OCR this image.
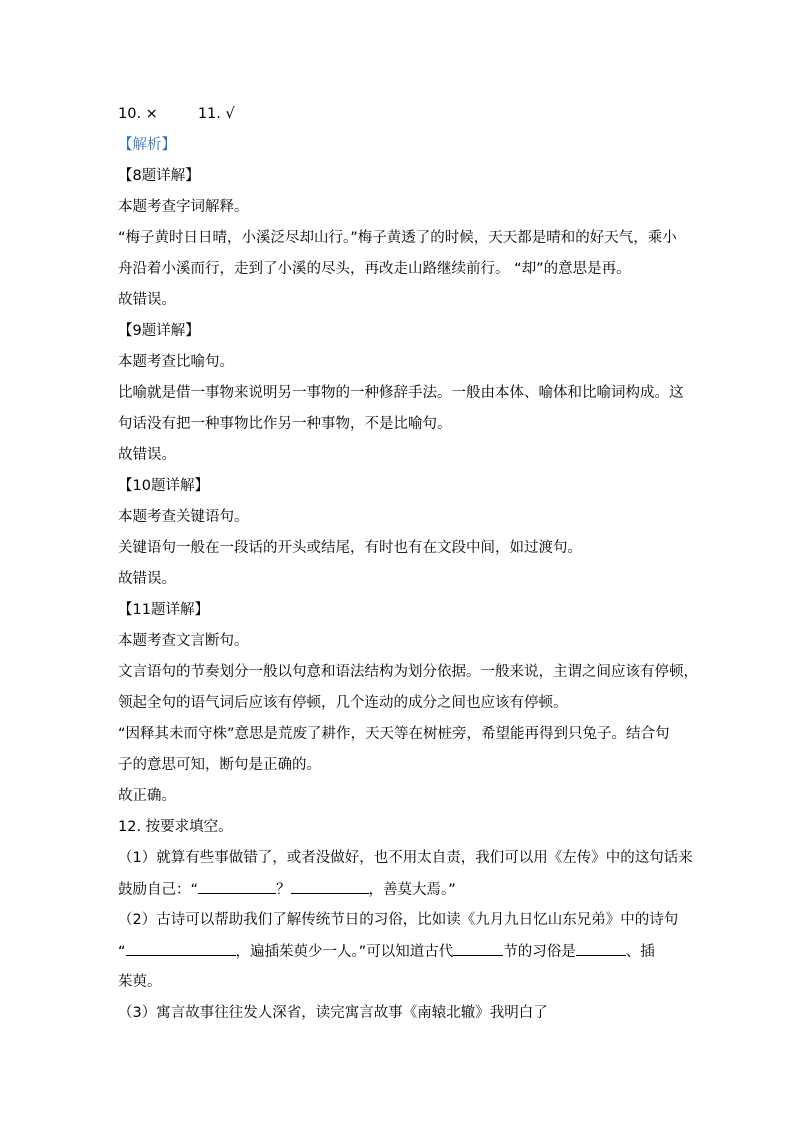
10. ×	11. √
【解析】
【8题详解】
本题考查字词解释。
“梅子黄时日日晴，小溪泛尽却山行。”梅子黄透了的时候，天天都是晴和的好天气，乘小
舟沿着小溪而行，走到了小溪的尽头，再改走山路继续前行。 “却”的意思是再。
故错误。
【9题详解】
本题考查比喻句。
比喻就是借一事物来说明另一事物的一种修辞手法。一般由本体、喻体和比喻词构成。这
句话没有把一种事物比作另一种事物，不是比喻句。
故错误。
【10题详解】
本题考查关键语句。
关键语句一般在一段话的开头或结尾，有时也有在文段中间，如过渡句。
故错误。
【11题详解】
本题考查文言断句。
文言语句的节奏划分一般以句意和语法结构为划分依据。一般来说，主谓之间应该有停顿，
领起全句的语气词后应该有停顿，几个连动的成分之间也应该有停顿。
“因释其未而守株”意思是荒废了耕作，天天等在树桩旁，希望能再得到只兔子。结合句
子的意思可知，断句是正确的。
故正确。
12. 按要求填空。
（1）就算有些事做错了，或者没做好，也不用太自责，我们可以用《左传》中的这句话来
鼓励自己：“	？	，善莫大焉。”
（2）古诗可以帮助我们了解传统节日的习俗，比如读《九月九日忆山东兄弟》中的诗句
“	，遍插茱萸少一人。”可以知道古代	节的习俗是	、插
茱萸。
（3）寓言故事往往发人深省，读完寓言故事《南辕北辙》我明白了
